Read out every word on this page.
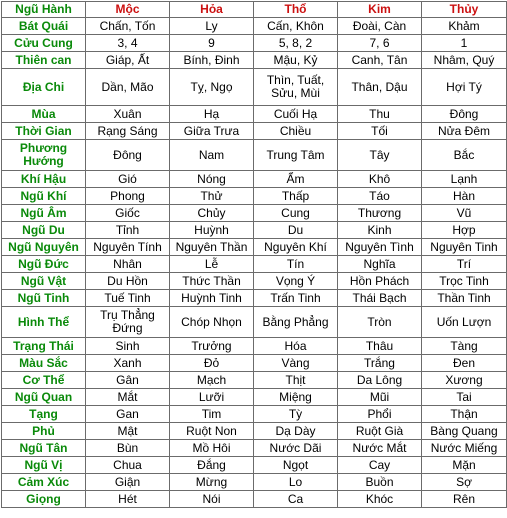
Ngũ Hành	Mộc	Hỏa	Thổ	Kim	Thủy
Bát Quái	Chấn, Tốn	Ly	Cấn, Khôn	Đoài, Càn	Khảm
Cửu Cung	3, 4	9	5, 8, 2	7, 6	1
Thiên can	Giáp, Ất	Bính, Đinh	Mậu, Kỷ	Canh, Tân	Nhâm, Quý
Địa Chi	Dần, Mão	Tỵ, Ngọ	Thìn, Tuất, Sửu, Mùi	Thân, Dậu	Hợi Tý
Mùa	Xuân	Hạ	Cuối Hạ	Thu	Đông
Thời Gian	Rạng Sáng	Giữa Trưa	Chiều	Tối	Nửa Đêm
Phương Hướng	Đông	Nam	Trung Tâm	Tây	Bắc
Khí Hậu	Gió	Nóng	Ẩm	Khô	Lạnh
Ngũ Khí	Phong	Thử	Thấp	Táo	Hàn
Ngũ Âm	Giốc	Chủy	Cung	Thương	Vũ
Ngũ Du	Tỉnh	Huỳnh	Du	Kinh	Hợp
Ngũ Nguyên	Nguyên Tính	Nguyên Thần	Nguyên Khí	Nguyên Tình	Nguyên Tinh
Ngũ Đức	Nhân	Lễ	Tín	Nghĩa	Trí
Ngũ Vật	Du Hồn	Thức Thần	Vọng Ý	Hồn Phách	Trọc Tinh
Ngũ Tinh	Tuế Tinh	Huỳnh Tinh	Trấn Tinh	Thái Bạch	Thần Tinh
Hình Thể	Trụ Thẳng Đứng	Chóp Nhọn	Bằng Phẳng	Tròn	Uốn Lượn
Trạng Thái	Sinh	Trưởng	Hóa	Thâu	Tàng
Màu Sắc	Xanh	Đỏ	Vàng	Trắng	Đen
Cơ Thể	Gân	Mạch	Thịt	Da Lông	Xương
Ngũ Quan	Mắt	Lưỡi	Miệng	Mũi	Tai
Tạng	Gan	Tim	Tỳ	Phổi	Thận
Phủ	Mật	Ruột Non	Dạ Dày	Ruột Già	Bàng Quang
Ngũ Tân	Bùn	Mồ Hôi	Nước Dãi	Nước Mắt	Nước Miếng
Ngũ Vị	Chua	Đắng	Ngọt	Cay	Mặn
Cảm Xúc	Giận	Mừng	Lo	Buồn	Sợ
Giọng	Hét	Nói	Ca	Khóc	Rên
